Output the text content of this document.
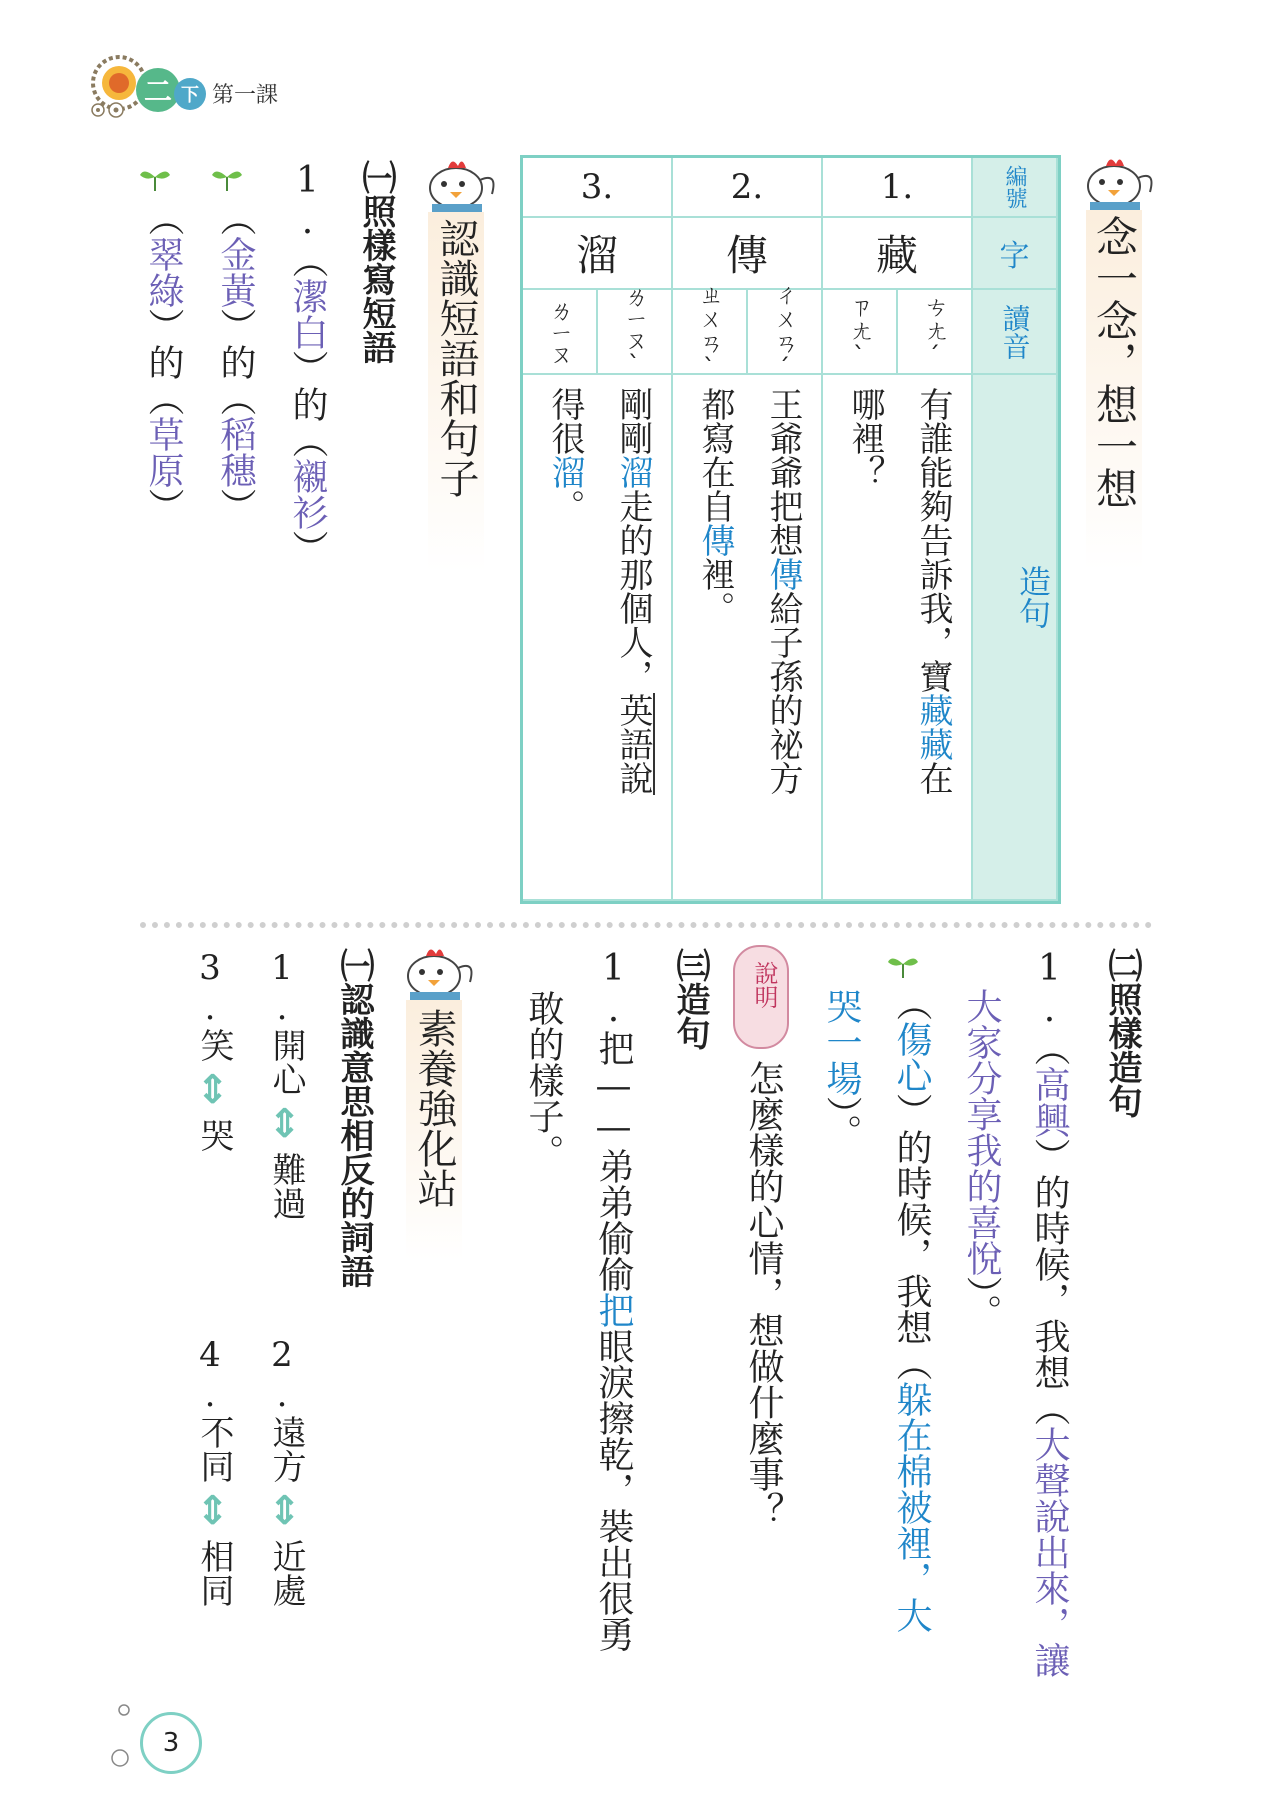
二 下 第一課
念一念，想一想
編號
字
讀音
造句
1.
藏
ㄘㄤˊ
ㄗㄤˋ
有誰能夠告訴我，寶藏藏在
哪裡？
2.
傳
ㄔㄨㄢˊ
ㄓㄨㄢˋ
王爺爺把想傳給子孫的祕方
都寫在自傳裡。
3.
溜
ㄌㄧㄡˋ
ㄌㄧㄡ
剛剛溜走的那個人，英語說
得很溜。
認識短語和句子
㈠照樣寫短語
1.（潔白）的（襯衫）
（金黃）的（稻穗）
（翠綠）的（草原）
㈡照樣造句
1.（高興）的時候，我想（大聲說出來，讓
大家分享我的喜悅）。
（傷心）的時候，我想（躲在棉被裡，大
哭一場）。
㈢造句	說明
怎麼樣的心情，想做什麼事？
1.把——弟弟偷偷把眼淚擦乾，裝出很勇
敢的樣子。
素養強化站
㈠認識意思相反的詞語
1.
開心
⇕
難過
3.
笑
⇕
哭
2.
遠方
⇕
近處
4.
不同
⇕
相同
3
